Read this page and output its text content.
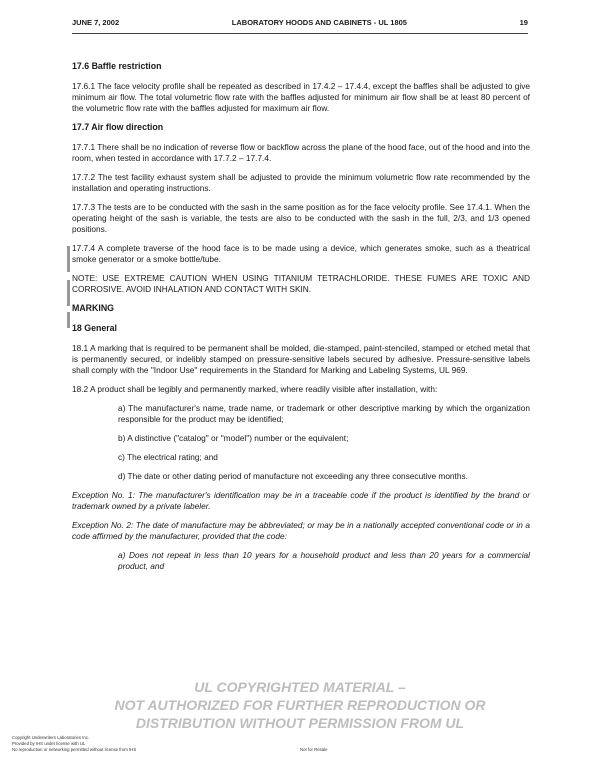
JUNE 7, 2002	LABORATORY HOODS AND CABINETS - UL 1805	19
17.6 Baffle restriction
17.6.1 The face velocity profile shall be repeated as described in 17.4.2 – 17.4.4, except the baffles shall be adjusted to give minimum air flow. The total volumetric flow rate with the baffles adjusted for minimum air flow shall be at least 80 percent of the volumetric flow rate with the baffles adjusted for maximum air flow.
17.7 Air flow direction
17.7.1 There shall be no indication of reverse flow or backflow across the plane of the hood face, out of the hood and into the room, when tested in accordance with 17.7.2 – 17.7.4.
17.7.2 The test facility exhaust system shall be adjusted to provide the minimum volumetric flow rate recommended by the installation and operating instructions.
17.7.3 The tests are to be conducted with the sash in the same position as for the face velocity profile. See 17.4.1. When the operating height of the sash is variable, the tests are also to be conducted with the sash in the full, 2/3, and 1/3 opened positions.
17.7.4 A complete traverse of the hood face is to be made using a device, which generates smoke, such as a theatrical smoke generator or a smoke bottle/tube.
NOTE: USE EXTREME CAUTION WHEN USING TITANIUM TETRACHLORIDE. THESE FUMES ARE TOXIC AND CORROSIVE. AVOID INHALATION AND CONTACT WITH SKIN.
MARKING
18 General
18.1 A marking that is required to be permanent shall be molded, die-stamped, paint-stenciled, stamped or etched metal that is permanently secured, or indelibly stamped on pressure-sensitive labels secured by adhesive. Pressure-sensitive labels shall comply with the "Indoor Use" requirements in the Standard for Marking and Labeling Systems, UL 969.
18.2 A product shall be legibly and permanently marked, where readily visible after installation, with:
a) The manufacturer's name, trade name, or trademark or other descriptive marking by which the organization responsible for the product may be identified;
b) A distinctive ("catalog" or "model") number or the equivalent;
c) The electrical rating; and
d) The date or other dating period of manufacture not exceeding any three consecutive months.
Exception No. 1: The manufacturer's identification may be in a traceable code if the product is identified by the brand or trademark owned by a private labeler.
Exception No. 2: The date of manufacture may be abbreviated; or may be in a nationally accepted conventional code or in a code affirmed by the manufacturer, provided that the code:
a) Does not repeat in less than 10 years for a household product and less than 20 years for a commercial product, and
UL COPYRIGHTED MATERIAL –
NOT AUTHORIZED FOR FURTHER REPRODUCTION OR
DISTRIBUTION WITHOUT PERMISSION FROM UL
Copyright Underwriters Laboratories Inc.
Provided by IHS under license with UL
No reproduction or networking permitted without license from IHS	Not for Resale
